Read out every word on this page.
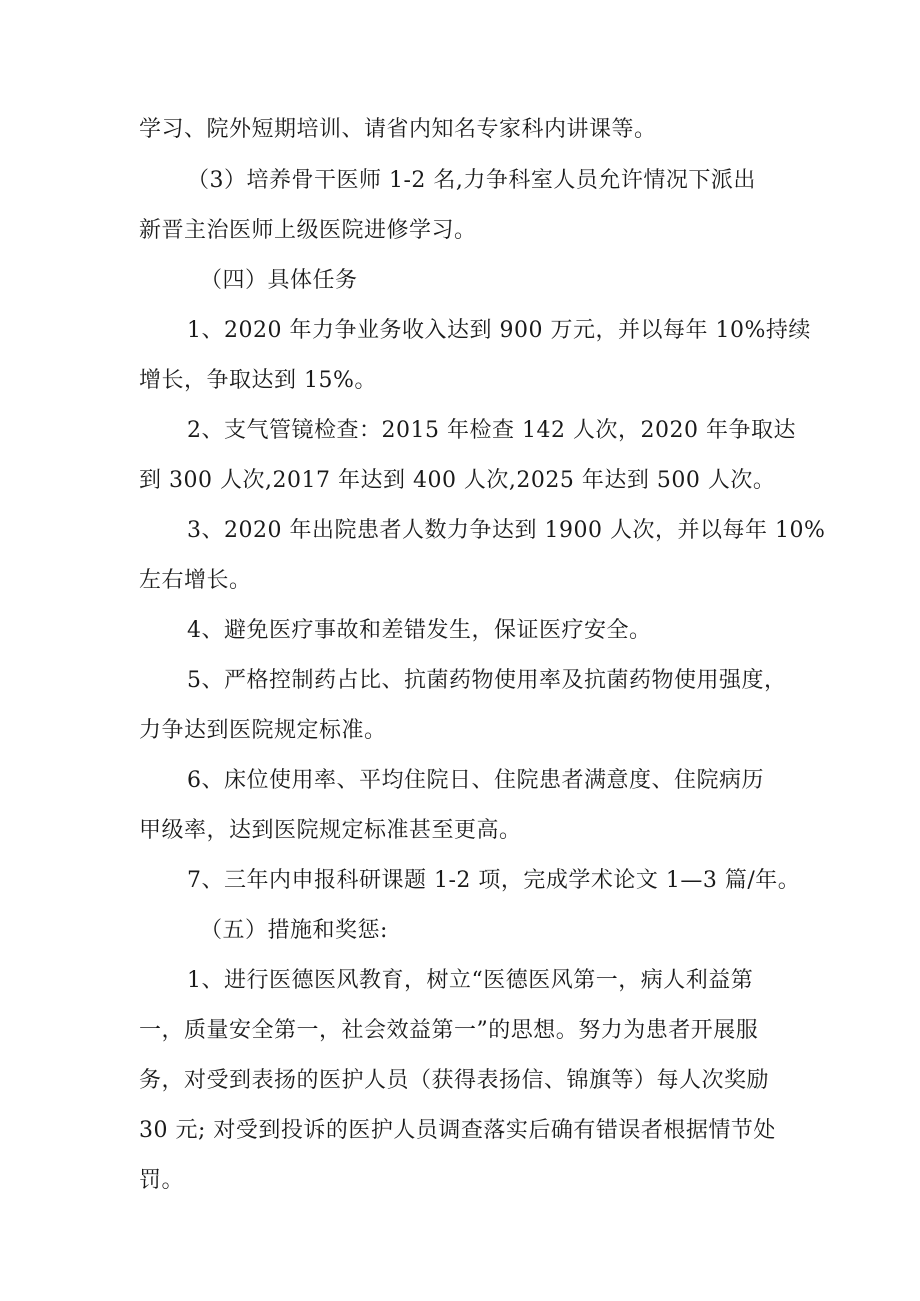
学习、院外短期培训、请省内知名专家科内讲课等。
（3）培养骨干医师 1-2 名,力争科室人员允许情况下派出
新晋主治医师上级医院进修学习。
（四）具体任务
1、2020 年力争业务收入达到 900 万元，并以每年 10%持续
增长，争取达到 15%。
2、支气管镜检查：2015 年检查 142 人次，2020 年争取达
到 300 人次,2017 年达到 400 人次,2025 年达到 500 人次。
3、2020 年出院患者人数力争达到 1900 人次，并以每年 10%
左右增长。
4、避免医疗事故和差错发生，保证医疗安全。
5、严格控制药占比、抗菌药物使用率及抗菌药物使用强度，
力争达到医院规定标准。
6、床位使用率、平均住院日、住院患者满意度、住院病历
甲级率，达到医院规定标准甚至更高。
7、三年内申报科研课题 1-2 项，完成学术论文 1—3 篇/年。
（五）措施和奖惩:
1、进行医德医风教育，树立“医德医风第一，病人利益第
一，质量安全第一，社会效益第一”的思想。努力为患者开展服
务，对受到表扬的医护人员（获得表扬信、锦旗等）每人次奖励
30 元; 对受到投诉的医护人员调查落实后确有错误者根据情节处
罚。
